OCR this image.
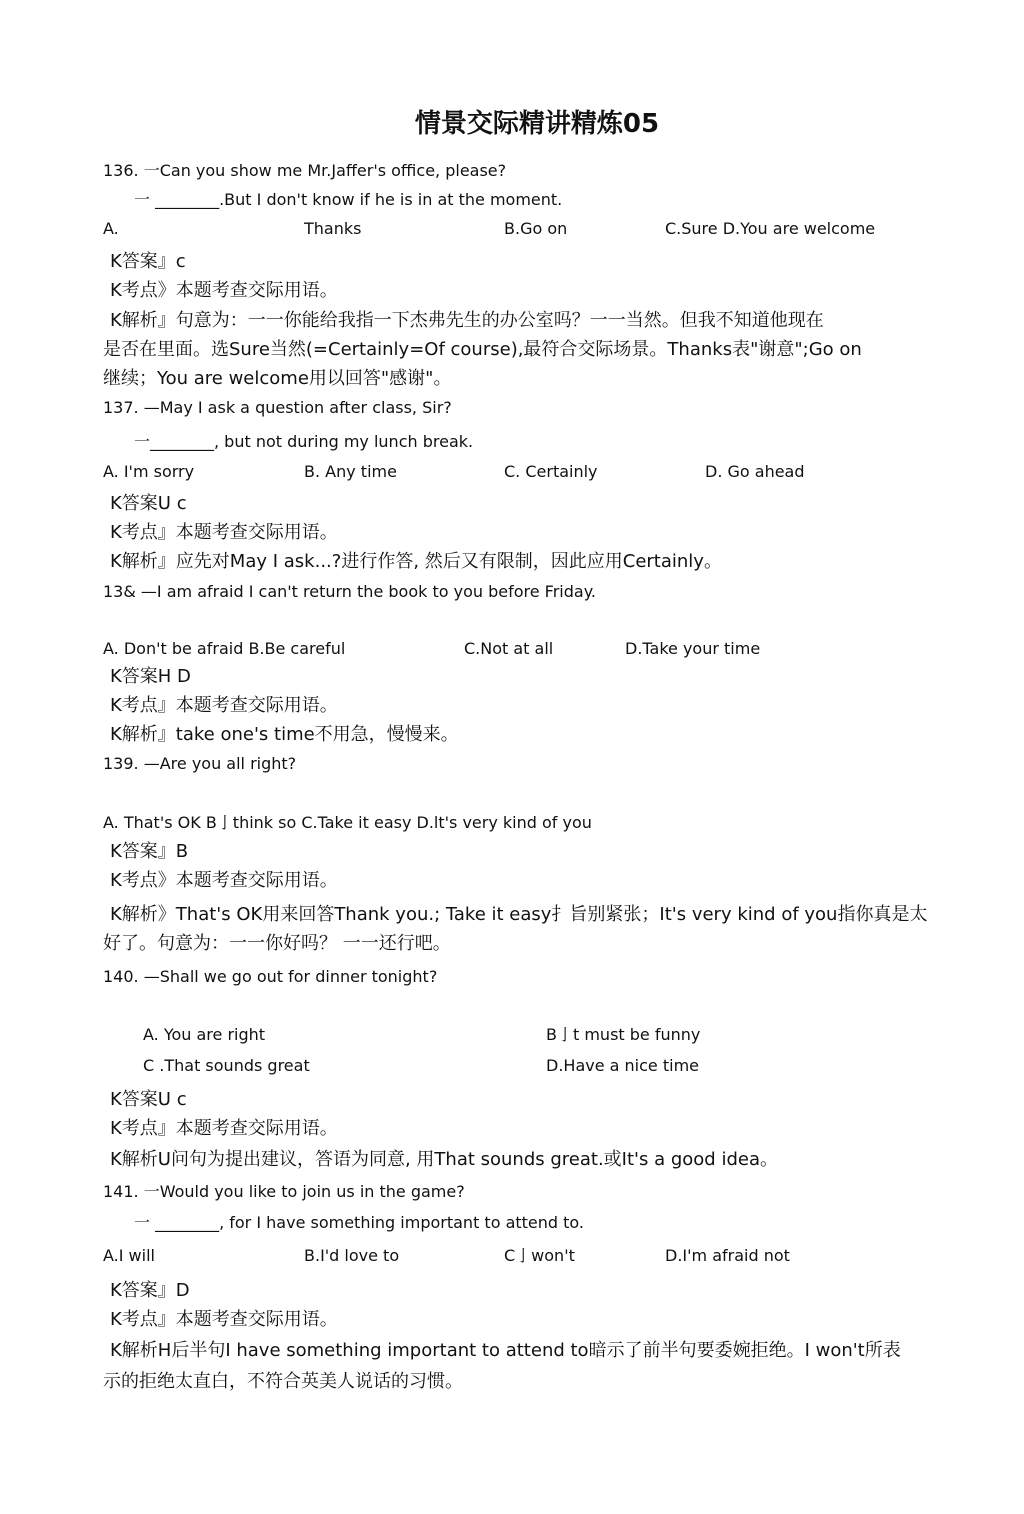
情景交际精讲精炼05
136. 一Can you show me Mr.Jaffer's office, please?
一 ________.But I don't know if he is in at the moment.
A.	Thanks	B.Go on	C.Sure D.You are welcome
K答案』c
K考点》本题考查交际用语。
K解析』句意为：一一你能给我指一下杰弗先生的办公室吗？一一当然。但我不知道他现在
是否在里面。选Sure当然(=Certainly=Of course),最符合交际场景。Thanks表"谢意";Go on
继续；You are welcome用以回答"感谢"。
137. —May I ask a question after class, Sir?
一________, but not during my lunch break.
A. I'm sorry	B. Any time	C. Certainly	D. Go ahead
K答案U c
K考点』本题考查交际用语。
K解析』应先对May I ask...?进行作答, 然后又有限制，因此应用Certainly。
13& —I am afraid I can't return the book to you before Friday.
A. Don't be afraid B.Be careful	C.Not at all	D.Take your time
K答案H D
K考点』本题考查交际用语。
K解析』take one's time不用急，慢慢来。
139. —Are you all right?
A. That's OK B亅think so C.Take it easy D.lt's very kind of you
K答案』B
K考点》本题考查交际用语。
K解析》That's OK用来回答Thank you.; Take it easy扌旨别紧张；It's very kind of you指你真是太
好了。句意为：一一你好吗？ 一一还行吧。
140. —Shall we go out for dinner tonight?
A. You are right	B亅t must be funny
C .That sounds great	D.Have a nice time
K答案U c
K考点』本题考查交际用语。
K解析U问句为提出建议，答语为同意, 用That sounds great.或It's a good idea。
141. 一Would you like to join us in the game?
一 ________, for I have something important to attend to.
A.I will	B.I'd love to	C亅won't	D.I'm afraid not
K答案』D
K考点』本题考查交际用语。
K解析H后半句I have something important to attend to暗示了前半句要委婉拒绝。I won't所表
示的拒绝太直白，不符合英美人说话的习惯。
